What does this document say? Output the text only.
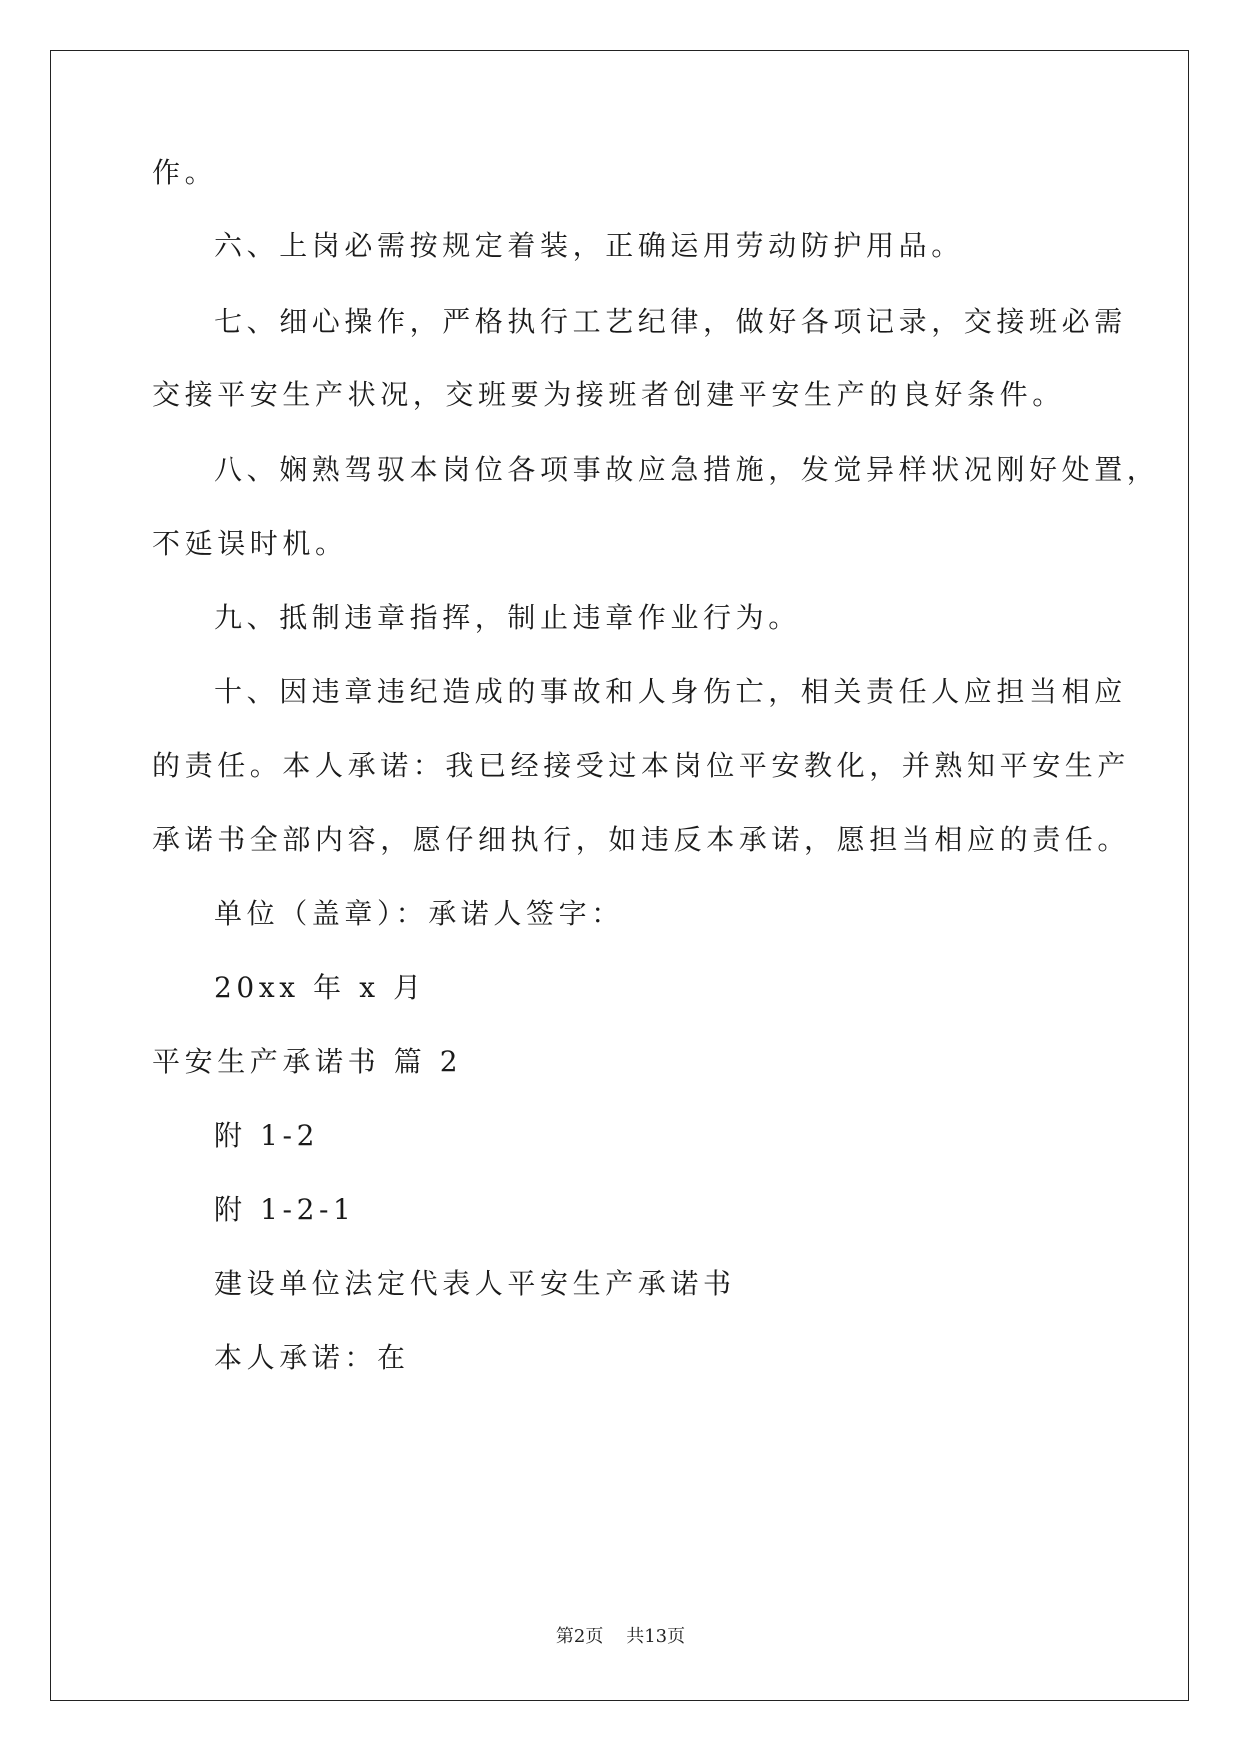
作。
六、上岗必需按规定着装，正确运用劳动防护用品。
七、细心操作，严格执行工艺纪律，做好各项记录，交接班必需
交接平安生产状况，交班要为接班者创建平安生产的良好条件。
八、娴熟驾驭本岗位各项事故应急措施，发觉异样状况刚好处置，
不延误时机。
九、抵制违章指挥，制止违章作业行为。
十、因违章违纪造成的事故和人身伤亡，相关责任人应担当相应
的责任。本人承诺：我已经接受过本岗位平安教化，并熟知平安生产
承诺书全部内容，愿仔细执行，如违反本承诺，愿担当相应的责任。
单位（盖章）：承诺人签字：
20xx 年 x 月
平安生产承诺书 篇 2
附 1-2
附 1-2-1
建设单位法定代表人平安生产承诺书
本人承诺：在
第2页    共13页
